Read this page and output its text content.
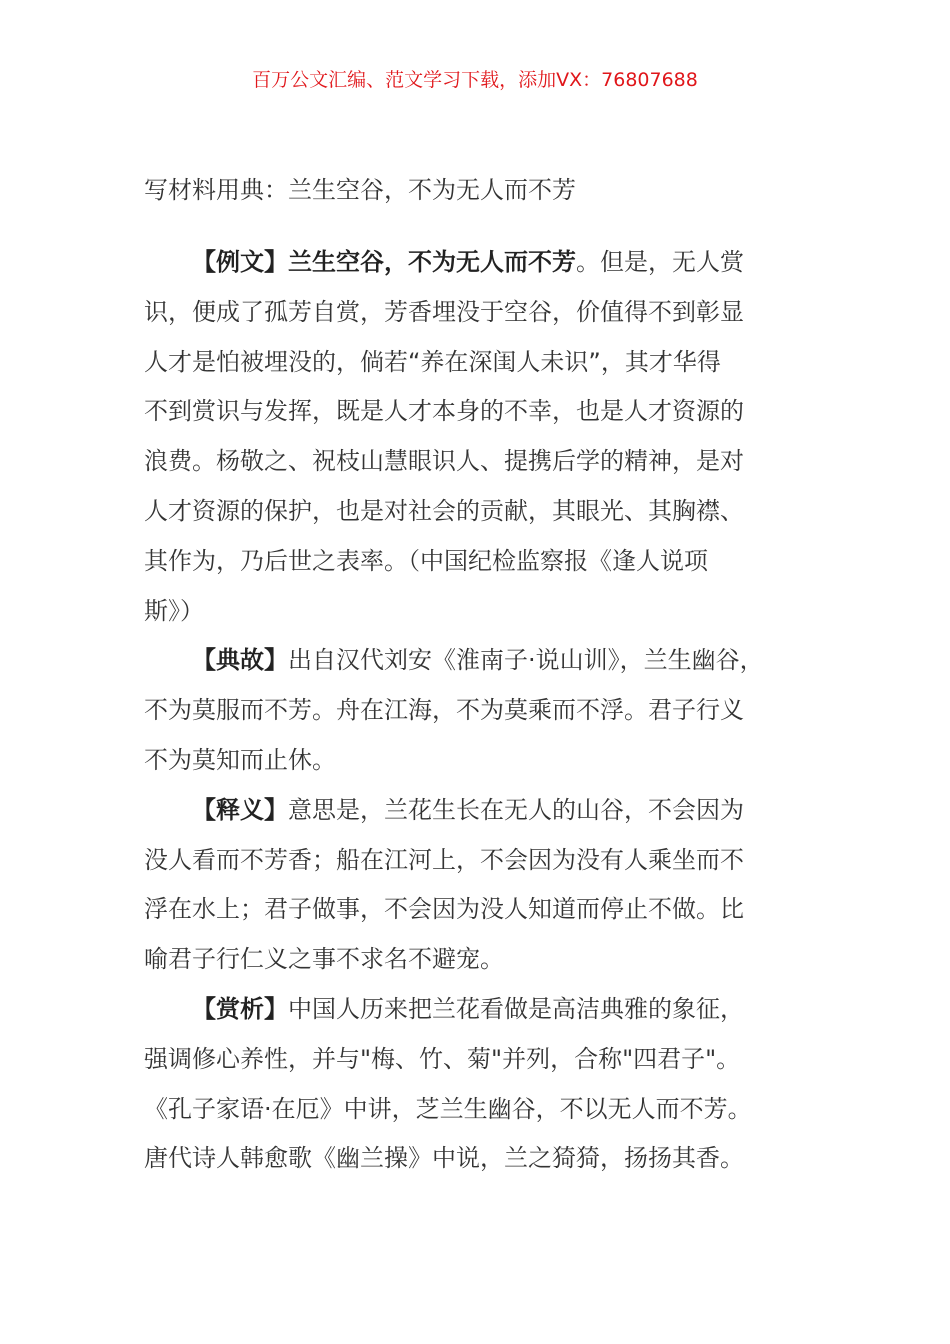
百万公文汇编、范文学习下载，添加VX：76807688
写材料用典：兰生空谷，不为无人而不芳

【例文】兰生空谷，不为无人而不芳。但是，无人赏
识，便成了孤芳自赏，芳香埋没于空谷，价值得不到彰显
人才是怕被埋没的，倘若“养在深闺人未识”，其才华得
不到赏识与发挥，既是人才本身的不幸，也是人才资源的
浪费。杨敬之、祝枝山慧眼识人、提携后学的精神，是对
人才资源的保护，也是对社会的贡献，其眼光、其胸襟、
其作为，乃后世之表率。（中国纪检监察报《逢人说项
斯》）

【典故】出自汉代刘安《淮南子·说山训》，兰生幽谷，
不为莫服而不芳。舟在江海，不为莫乘而不浮。君子行义
不为莫知而止休。

【释义】意思是，兰花生长在无人的山谷，不会因为
没人看而不芳香；船在江河上，不会因为没有人乘坐而不
浮在水上；君子做事，不会因为没人知道而停止不做。比
喻君子行仁义之事不求名不避宠。

【赏析】中国人历来把兰花看做是高洁典雅的象征，
强调修心养性，并与"梅、竹、菊"并列，合称"四君子"。
《孔子家语·在厄》中讲，芝兰生幽谷，不以无人而不芳。
唐代诗人韩愈歌《幽兰操》中说，兰之猗猗，扬扬其香。
